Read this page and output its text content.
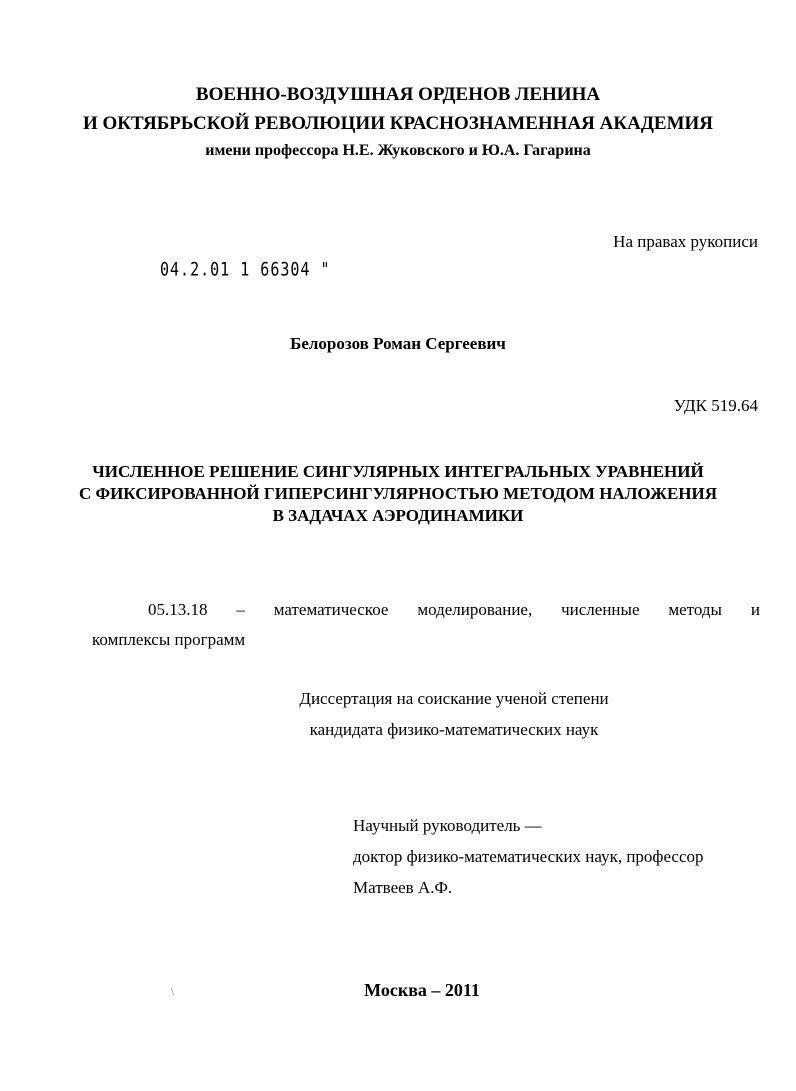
ВОЕННО-ВОЗДУШНАЯ ОРДЕНОВ ЛЕНИНА
И ОКТЯБРЬСКОЙ РЕВОЛЮЦИИ КРАСНОЗНАМЕННАЯ АКАДЕМИЯ
имени профессора Н.Е. Жуковского и Ю.А. Гагарина
На правах рукописи
04.2.01 1 66304 "
Белорозов Роман Сергеевич
УДК 519.64
ЧИСЛЕННОЕ РЕШЕНИЕ СИНГУЛЯРНЫХ ИНТЕГРАЛЬНЫХ УРАВНЕНИЙ
С ФИКСИРОВАННОЙ ГИПЕРСИНГУЛЯРНОСТЬЮ МЕТОДОМ НАЛОЖЕНИЯ
В ЗАДАЧАХ АЭРОДИНАМИКИ
05.13.18 – математическое моделирование, численные методы и
комплексы программ
Диссертация на соискание ученой степени
кандидата физико-математических наук
Научный руководитель —
доктор физико-математических наук, профессор
Матвеев А.Ф.
\	Москва – 2011
